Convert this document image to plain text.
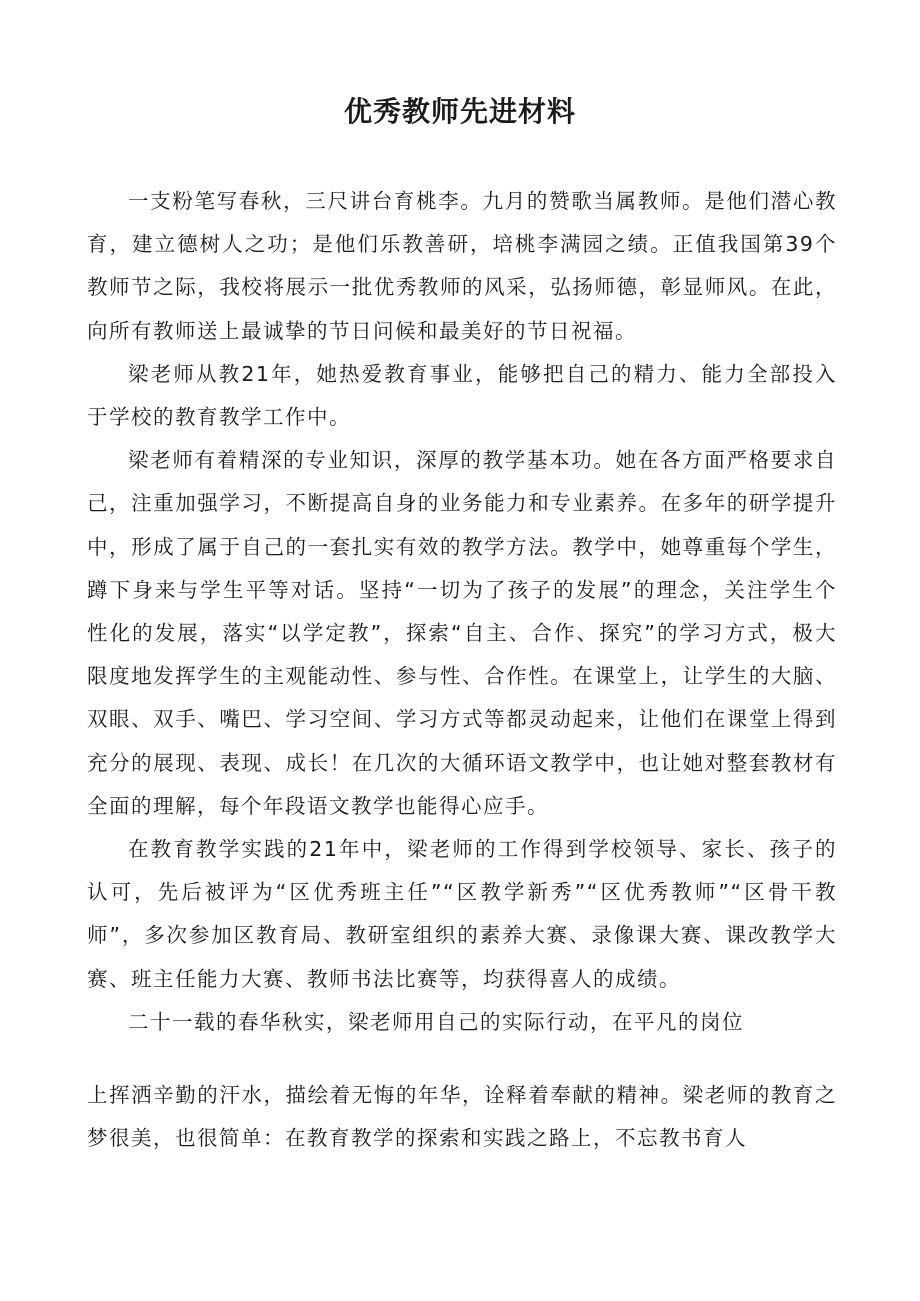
优秀教师先进材料

一支粉笔写春秋，三尺讲台育桃李。九月的赞歌当属教师。是他们潜心教育，建立德树人之功；是他们乐教善研，培桃李满园之绩。正值我国第39个教师节之际，我校将展示一批优秀教师的风采，弘扬师德，彰显师风。在此，向所有教师送上最诚挚的节日问候和最美好的节日祝福。

梁老师从教21年，她热爱教育事业，能够把自己的精力、能力全部投入于学校的教育教学工作中。

梁老师有着精深的专业知识，深厚的教学基本功。她在各方面严格要求自己，注重加强学习，不断提高自身的业务能力和专业素养。在多年的研学提升中，形成了属于自己的一套扎实有效的教学方法。教学中，她尊重每个学生，蹲下身来与学生平等对话。坚持“一切为了孩子的发展”的理念，关注学生个性化的发展，落实“以学定教”，探索“自主、合作、探究”的学习方式，极大限度地发挥学生的主观能动性、参与性、合作性。在课堂上，让学生的大脑、双眼、双手、嘴巴、学习空间、学习方式等都灵动起来，让他们在课堂上得到充分的展现、表现、成长！在几次的大循环语文教学中，也让她对整套教材有全面的理解，每个年段语文教学也能得心应手。

在教育教学实践的21年中，梁老师的工作得到学校领导、家长、孩子的认可，先后被评为“区优秀班主任”“区教学新秀”“区优秀教师”“区骨干教师”，多次参加区教育局、教研室组织的素养大赛、录像课大赛、课改教学大赛、班主任能力大赛、教师书法比赛等，均获得喜人的成绩。

二十一载的春华秋实，梁老师用自己的实际行动，在平凡的岗位

上挥洒辛勤的汗水，描绘着无悔的年华，诠释着奉献的精神。梁老师的教育之梦很美，也很简单：在教育教学的探索和实践之路上，不忘教书育人
